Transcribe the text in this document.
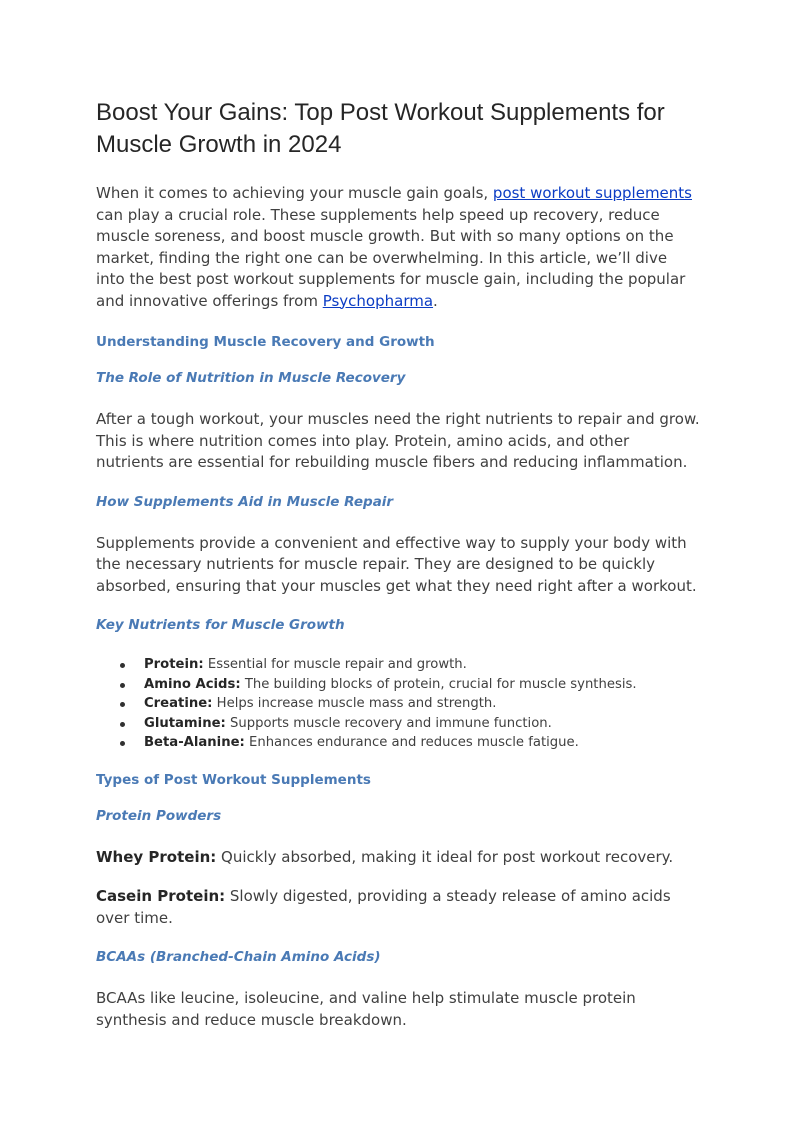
Boost Your Gains: Top Post Workout Supplements for Muscle Growth in 2024

When it comes to achieving your muscle gain goals, post workout supplements can play a crucial role. These supplements help speed up recovery, reduce muscle soreness, and boost muscle growth. But with so many options on the market, finding the right one can be overwhelming. In this article, we’ll dive into the best post workout supplements for muscle gain, including the popular and innovative offerings from Psychopharma.

Understanding Muscle Recovery and Growth
The Role of Nutrition in Muscle Recovery

After a tough workout, your muscles need the right nutrients to repair and grow. This is where nutrition comes into play. Protein, amino acids, and other nutrients are essential for rebuilding muscle fibers and reducing inflammation.

How Supplements Aid in Muscle Repair

Supplements provide a convenient and effective way to supply your body with the necessary nutrients for muscle repair. They are designed to be quickly absorbed, ensuring that your muscles get what they need right after a workout.

Key Nutrients for Muscle Growth
Protein: Essential for muscle repair and growth.
Amino Acids: The building blocks of protein, crucial for muscle synthesis.
Creatine: Helps increase muscle mass and strength.
Glutamine: Supports muscle recovery and immune function.
Beta-Alanine: Enhances endurance and reduces muscle fatigue.
Types of Post Workout Supplements
Protein Powders

Whey Protein: Quickly absorbed, making it ideal for post workout recovery.

Casein Protein: Slowly digested, providing a steady release of amino acids over time.

BCAAs (Branched-Chain Amino Acids)

BCAAs like leucine, isoleucine, and valine help stimulate muscle protein synthesis and reduce muscle breakdown.
